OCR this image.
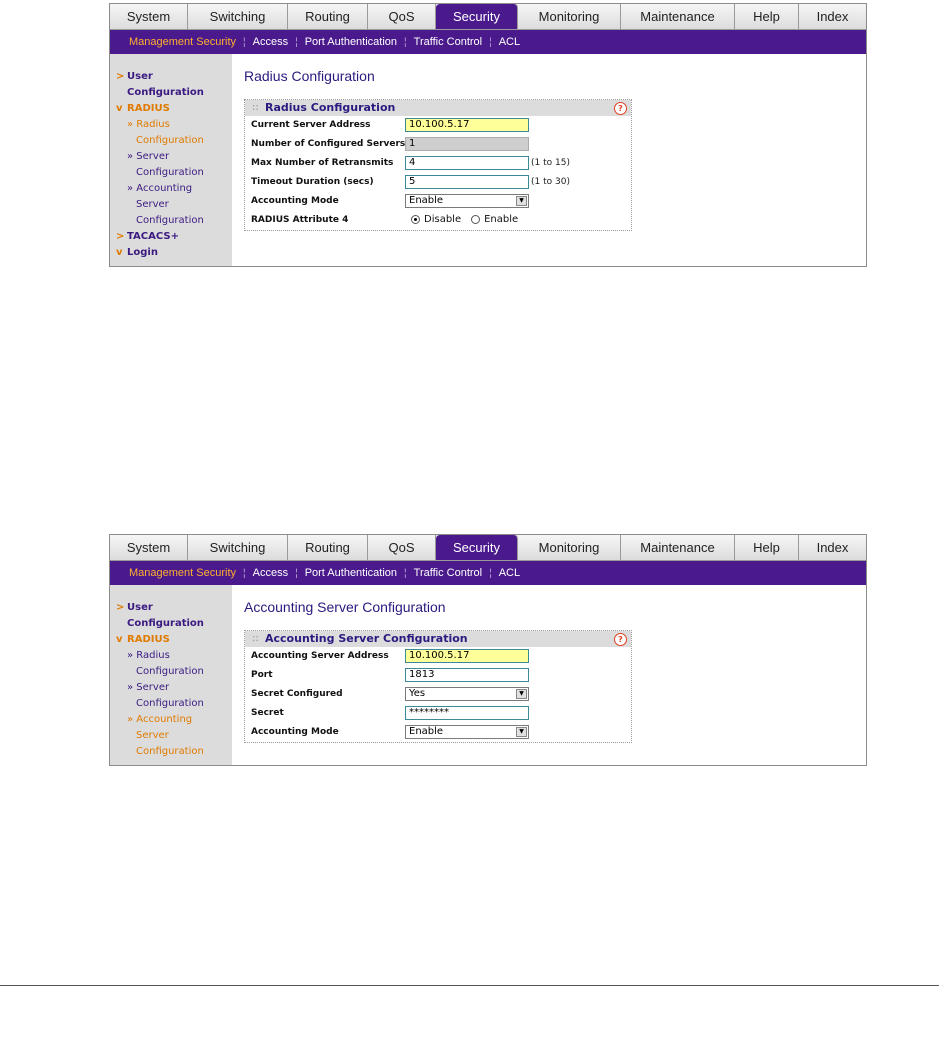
System	Switching	Routing	QoS	Security	Monitoring	Maintenance	Help	Index
Management Security ¦ Access ¦ Port Authentication ¦ Traffic Control ¦ ACL
> User
Configuration
v RADIUS
» Radius
Configuration
» Server
Configuration
» Accounting
Server
Configuration
> TACACS+
v Login
Radius Configuration
:: Radius Configuration	?
Current Server Address	10.100.5.17
Number of Configured Servers 1
Max Number of Retransmits	4	(1 to 15)
Timeout Duration (secs)	5	(1 to 30)
Accounting Mode	Enable	▼
RADIUS Attribute 4	Disable Enable
System	Switching	Routing	QoS	Security	Monitoring	Maintenance	Help	Index
Management Security ¦ Access ¦ Port Authentication ¦ Traffic Control ¦ ACL
> User
Configuration
v RADIUS
» Radius
Configuration
» Server
Configuration
» Accounting
Server
Configuration
Accounting Server Configuration
:: Accounting Server Configuration	?
Accounting Server Address	10.100.5.17
Port	1813
Secret Configured	Yes	▼
Secret	********
Accounting Mode	Enable	▼
